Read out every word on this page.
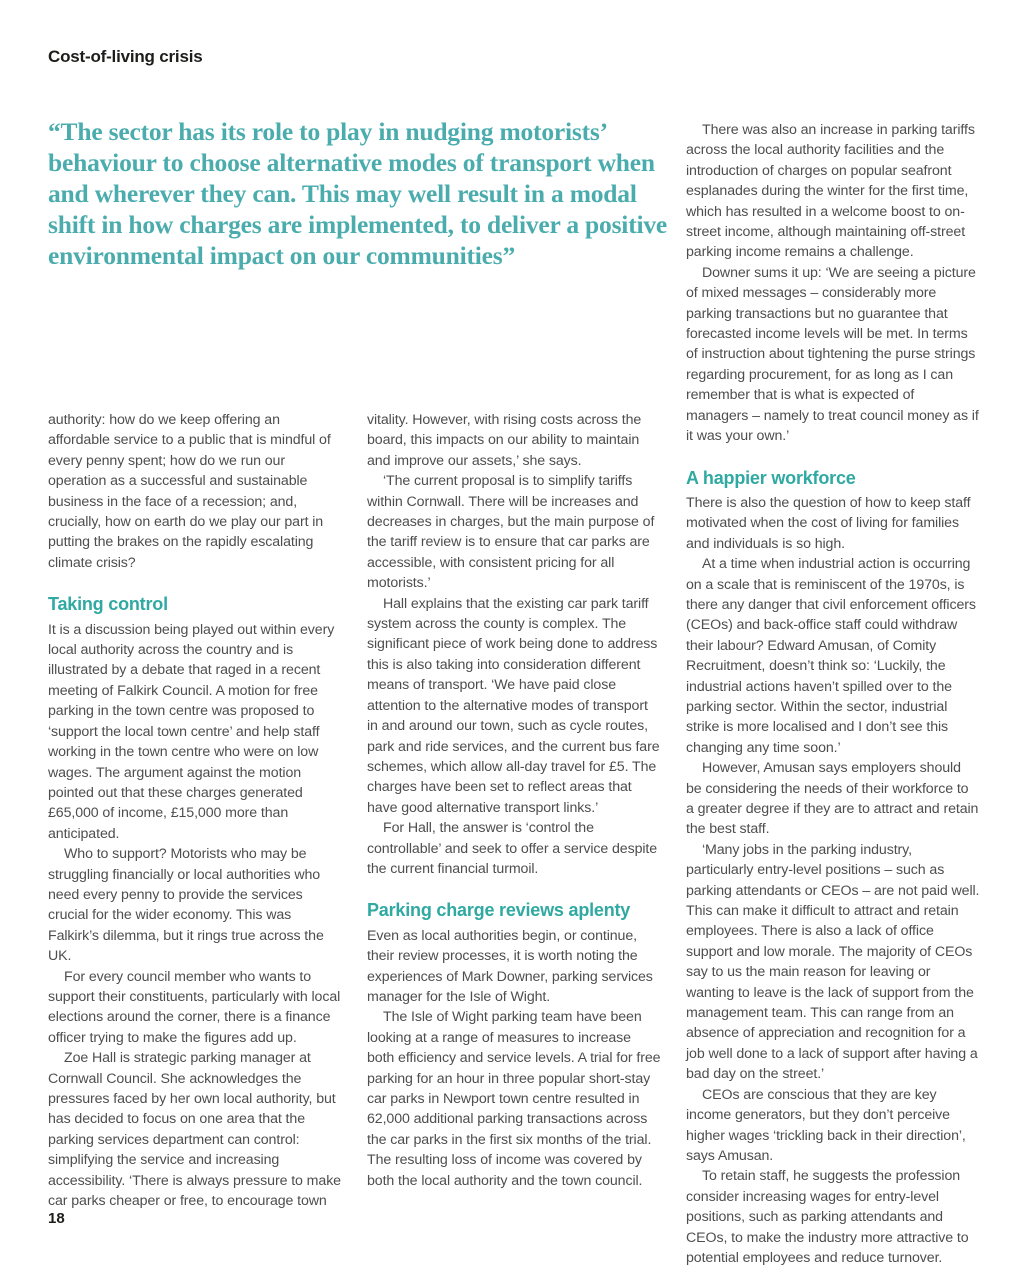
Cost-of-living crisis
“The sector has its role to play in nudging motorists’ behaviour to choose alternative modes of transport when and wherever they can. This may well result in a modal shift in how charges are implemented, to deliver a positive environmental impact on our communities”

authority: how do we keep offering an affordable service to a public that is mindful of every penny spent; how do we run our operation as a successful and sustainable business in the face of a recession; and, crucially, how on earth do we play our part in putting the brakes on the rapidly escalating climate crisis?

Taking control

It is a discussion being played out within every local authority across the country and is illustrated by a debate that raged in a recent meeting of Falkirk Council. A motion for free parking in the town centre was proposed to ‘support the local town centre’ and help staff working in the town centre who were on low wages. The argument against the motion pointed out that these charges generated £65,000 of income, £15,000 more than anticipated.

Who to support? Motorists who may be struggling financially or local authorities who need every penny to provide the services crucial for the wider economy. This was Falkirk’s dilemma, but it rings true across the UK.

For every council member who wants to support their constituents, particularly with local elections around the corner, there is a finance officer trying to make the figures add up.

Zoe Hall is strategic parking manager at Cornwall Council. She acknowledges the pressures faced by her own local authority, but has decided to focus on one area that the parking services department can control: simplifying the service and increasing accessibility. ‘There is always pressure to make car parks cheaper or free, to encourage town

vitality. However, with rising costs across the board, this impacts on our ability to maintain and improve our assets,’ she says.

‘The current proposal is to simplify tariffs within Cornwall. There will be increases and decreases in charges, but the main purpose of the tariff review is to ensure that car parks are accessible, with consistent pricing for all motorists.’

Hall explains that the existing car park tariff system across the county is complex. The significant piece of work being done to address this is also taking into consideration different means of transport. ‘We have paid close attention to the alternative modes of transport in and around our town, such as cycle routes, park and ride services, and the current bus fare schemes, which allow all-day travel for £5. The charges have been set to reflect areas that have good alternative transport links.’

For Hall, the answer is ‘control the controllable’ and seek to offer a service despite the current financial turmoil.

Parking charge reviews aplenty

Even as local authorities begin, or continue, their review processes, it is worth noting the experiences of Mark Downer, parking services manager for the Isle of Wight.

The Isle of Wight parking team have been looking at a range of measures to increase both efficiency and service levels. A trial for free parking for an hour in three popular short-stay car parks in Newport town centre resulted in 62,000 additional parking transactions across the car parks in the first six months of the trial. The resulting loss of income was covered by both the local authority and the town council.

There was also an increase in parking tariffs across the local authority facilities and the introduction of charges on popular seafront esplanades during the winter for the first time, which has resulted in a welcome boost to on-street income, although maintaining off-street parking income remains a challenge.

Downer sums it up: ‘We are seeing a picture of mixed messages – considerably more parking transactions but no guarantee that forecasted income levels will be met. In terms of instruction about tightening the purse strings regarding procurement, for as long as I can remember that is what is expected of managers – namely to treat council money as if it was your own.’

A happier workforce

There is also the question of how to keep staff motivated when the cost of living for families and individuals is so high.

At a time when industrial action is occurring on a scale that is reminiscent of the 1970s, is there any danger that civil enforcement officers (CEOs) and back-office staff could withdraw their labour? Edward Amusan, of Comity Recruitment, doesn’t think so: ‘Luckily, the industrial actions haven’t spilled over to the parking sector. Within the sector, industrial strike is more localised and I don’t see this changing any time soon.’

However, Amusan says employers should be considering the needs of their workforce to a greater degree if they are to attract and retain the best staff.

‘Many jobs in the parking industry, particularly entry-level positions – such as parking attendants or CEOs – are not paid well. This can make it difficult to attract and retain employees. There is also a lack of office support and low morale. The majority of CEOs say to us the main reason for leaving or wanting to leave is the lack of support from the management team. This can range from an absence of appreciation and recognition for a job well done to a lack of support after having a bad day on the street.’

CEOs are conscious that they are key income generators, but they don’t perceive higher wages ‘trickling back in their direction’, says Amusan.

To retain staff, he suggests the profession consider increasing wages for entry-level positions, such as parking attendants and CEOs, to make the industry more attractive to potential employees and reduce turnover.

18
